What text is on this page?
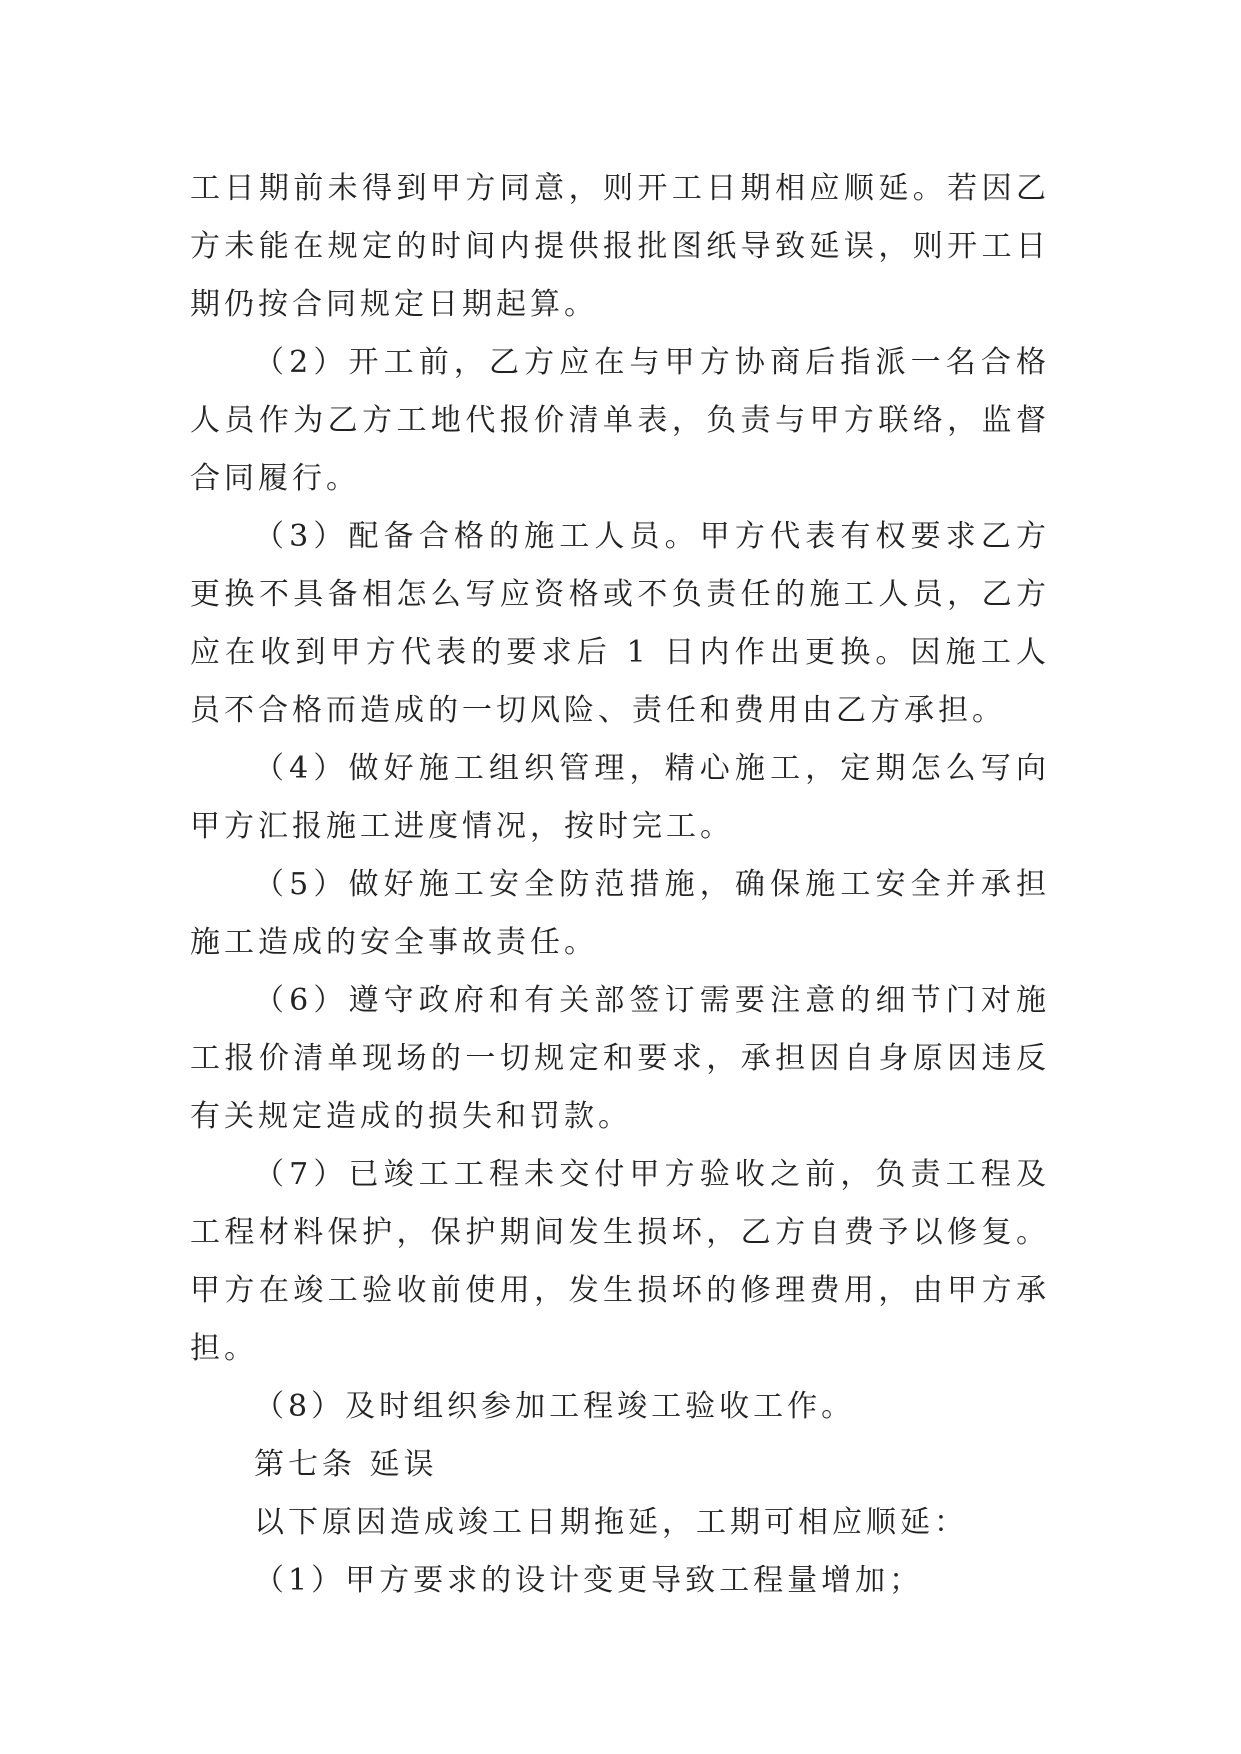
工日期前未得到甲方同意，则开工日期相应顺延。若因乙方未能在规定的时间内提供报批图纸导致延误，则开工日期仍按合同规定日期起算。

（2）开工前，乙方应在与甲方协商后指派一名合格人员作为乙方工地代报价清单表，负责与甲方联络，监督合同履行。

（3）配备合格的施工人员。甲方代表有权要求乙方更换不具备相怎么写应资格或不负责任的施工人员，乙方应在收到甲方代表的要求后 1 日内作出更换。因施工人员不合格而造成的一切风险、责任和费用由乙方承担。

（4）做好施工组织管理，精心施工，定期怎么写向甲方汇报施工进度情况，按时完工。

（5）做好施工安全防范措施，确保施工安全并承担施工造成的安全事故责任。

（6）遵守政府和有关部签订需要注意的细节门对施工报价清单现场的一切规定和要求，承担因自身原因违反有关规定造成的损失和罚款。

（7）已竣工工程未交付甲方验收之前，负责工程及工程材料保护，保护期间发生损坏，乙方自费予以修复。甲方在竣工验收前使用，发生损坏的修理费用，由甲方承担。

（8）及时组织参加工程竣工验收工作。

第七条 延误

以下原因造成竣工日期拖延，工期可相应顺延：

（1）甲方要求的设计变更导致工程量增加；
